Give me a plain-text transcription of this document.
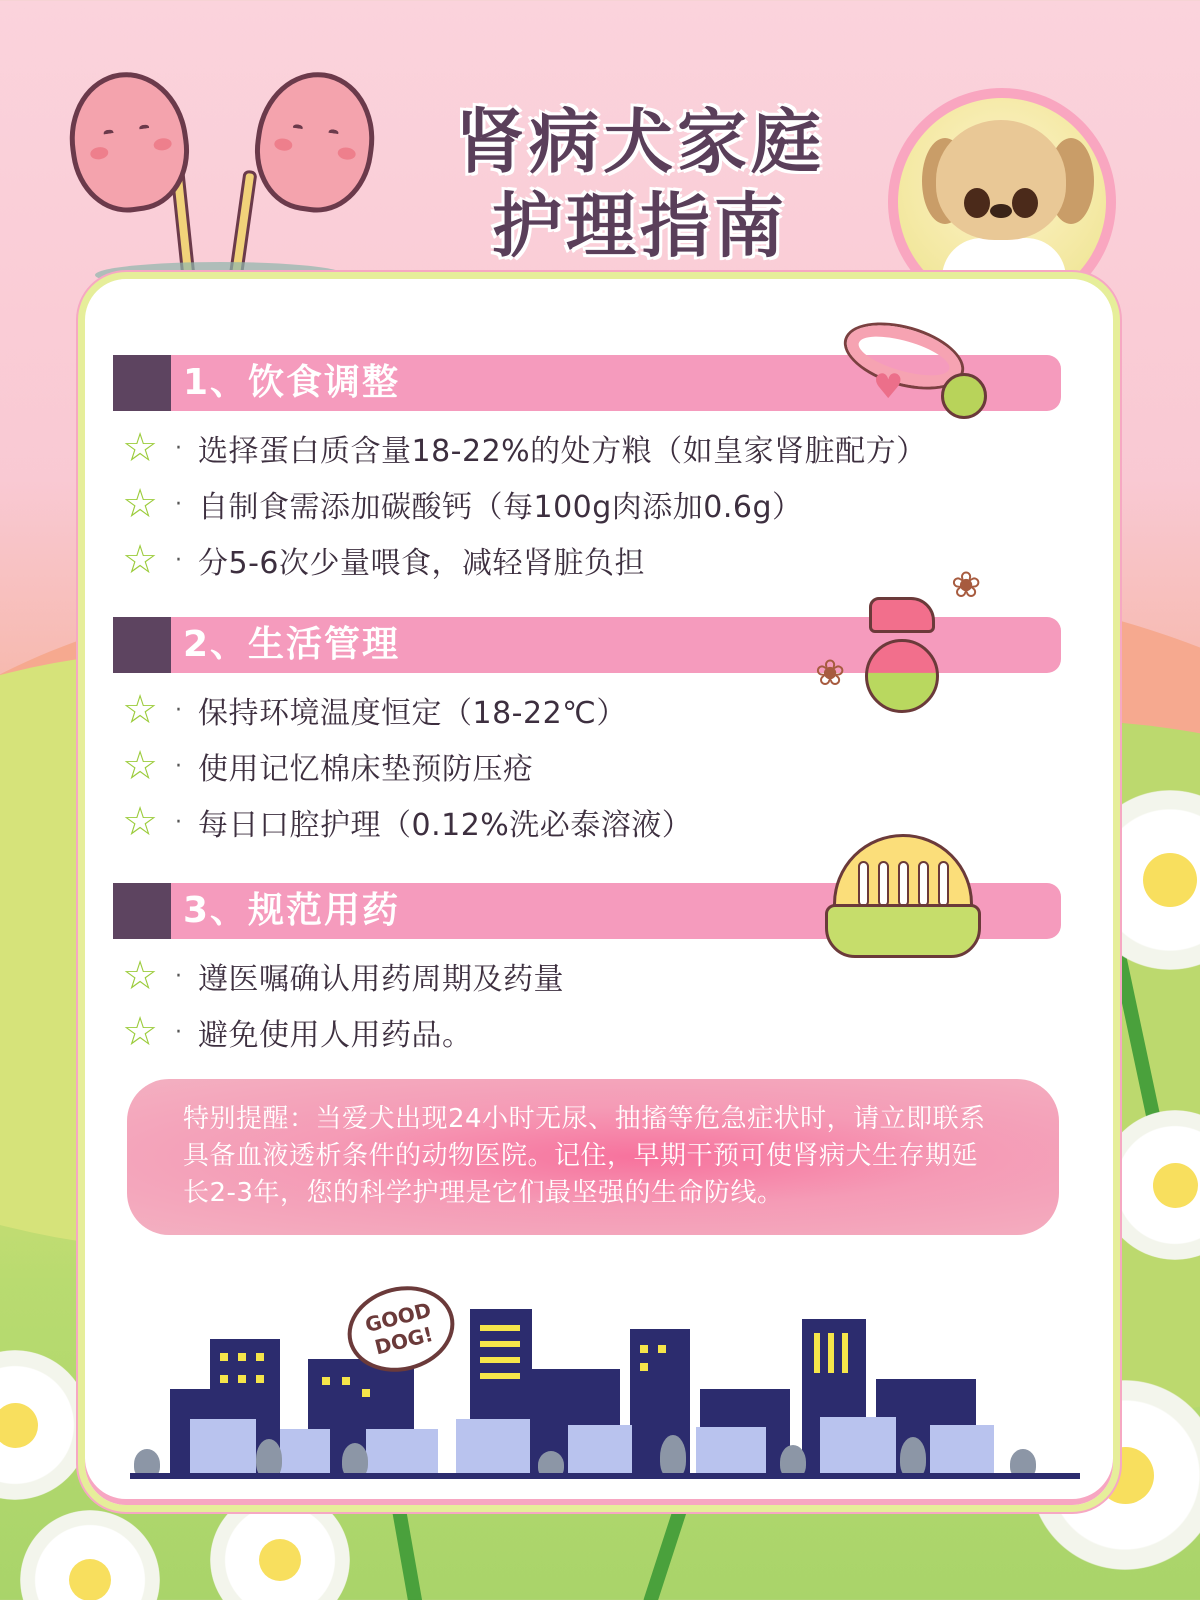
肾病犬家庭
护理指南
1、饮食调整
☆ · 选择蛋白质含量18-22%的处方粮（如皇家肾脏配方）
☆ · 自制食需添加碳酸钙（每100g肉添加0.6g）
☆ · 分5-6次少量喂食，减轻肾脏负担
2、生活管理
☆ · 保持环境温度恒定（18-22℃）
☆ · 使用记忆棉床垫预防压疮
☆ · 每日口腔护理（0.12%洗必泰溶液）
3、规范用药
☆ · 遵医嘱确认用药周期及药量
☆ · 避免使用人用药品。
特别提醒：当爱犬出现24小时无尿、抽搐等危急症状时，请立即联系具备血液透析条件的动物医院。记住，早期干预可使肾病犬生存期延长2-3年，您的科学护理是它们最坚强的生命防线。
♥
❀
❀
GOOD DOG!
